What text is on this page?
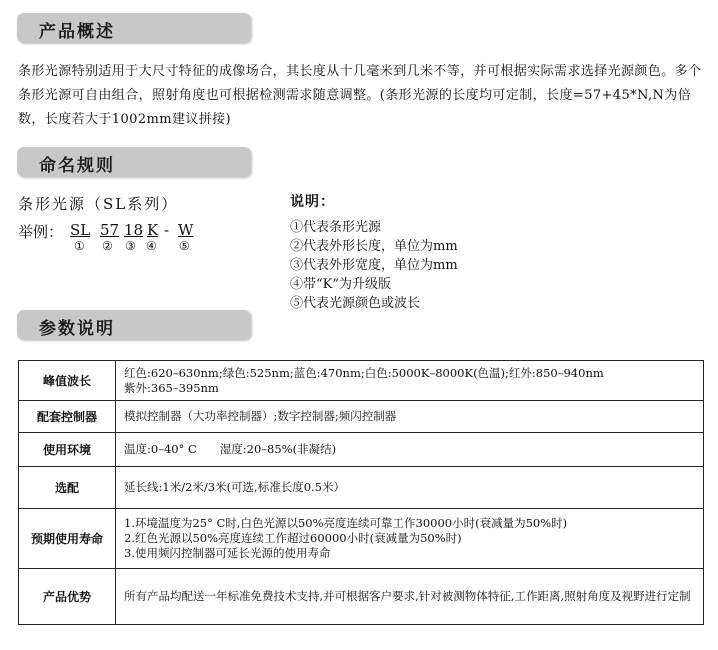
产品概述
条形光源特别适用于大尺寸特征的成像场合，其长度从十几毫米到几米不等，并可根据实际需求选择光源颜色。多个条形光源可自由组合，照射角度也可根据检测需求随意调整。(条形光源的长度均可定制，长度=57+45*N,N为倍数，长度若大于1002mm建议拼接)
命名规则
条形光源（SL系列）
举例： SL 57 18 K - W
① ② ③ ④ ⑤
说明：
①代表条形光源
②代表外形长度，单位为mm
③代表外形宽度，单位为mm
④带“K”为升级版
⑤代表光源颜色或波长
参数说明
峰值波长	红色:620–630nm;绿色:525nm;蓝色:470nm;白色:5000K–8000K(色温);红外:850–940nm
紫外:365–395nm

配套控制器	模拟控制器（大功率控制器）;数字控制器;频闪控制器

使用环境	温度:0–40° C　　湿度:20–85%(非凝结)

选配	延长线:1米/2米/3米(可选,标准长度0.5米）

预期使用寿命	1.环境温度为25° C时,白色光源以50%亮度连续可靠工作30000小时(衰减量为50%时)
2.红色光源以50%亮度连续工作超过60000小时(衰减量为50%时)
3.使用频闪控制器可延长光源的使用寿命

产品优势	所有产品均配送一年标准免费技术支持,并可根据客户要求,针对被测物体特征,工作距离,照射角度及视野进行定制
